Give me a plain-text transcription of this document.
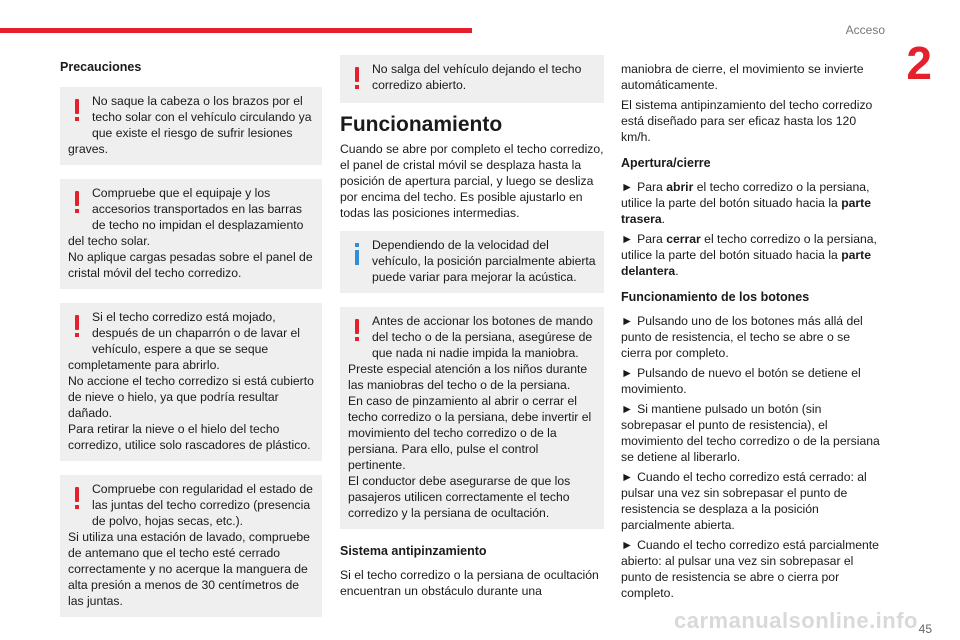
Acceso
2
Precauciones

No saque la cabeza o los brazos por el techo solar con el vehículo circulando ya

que existe el riesgo de sufrir lesiones graves.

Compruebe que el equipaje y los accesorios transportados en las barras

de techo no impidan el desplazamiento del techo solar.

No aplique cargas pesadas sobre el panel de cristal móvil del techo corredizo.

Si el techo corredizo está mojado, después de un chaparrón o de lavar el

vehículo, espere a que se seque completamente para abrirlo.

No accione el techo corredizo si está cubierto de nieve o hielo, ya que podría resultar dañado.

Para retirar la nieve o el hielo del techo corredizo, utilice solo rascadores de plástico.

Compruebe con regularidad el estado de las juntas del techo corredizo (presencia

de polvo, hojas secas, etc.).

Si utiliza una estación de lavado, compruebe de antemano que el techo esté cerrado correctamente y no acerque la manguera de alta presión a menos de 30 centímetros de las juntas.

No salga del vehículo dejando el techo corredizo abierto.

Funcionamiento

Cuando se abre por completo el techo corredizo, el panel de cristal móvil se desplaza hasta la posición de apertura parcial, y luego se desliza por encima del techo. Es posible ajustarlo en todas las posiciones intermedias.

Dependiendo de la velocidad del vehículo, la posición parcialmente abierta

puede variar para mejorar la acústica.

Antes de accionar los botones de mando del techo o de la persiana, asegúrese de

que nada ni nadie impida la maniobra.

Preste especial atención a los niños durante las maniobras del techo o de la persiana.

En caso de pinzamiento al abrir o cerrar el techo corredizo o la persiana, debe invertir el movimiento del techo corredizo o de la persiana. Para ello, pulse el control pertinente.

El conductor debe asegurarse de que los pasajeros utilicen correctamente el techo corredizo y la persiana de ocultación.

Sistema antipinzamiento

Si el techo corredizo o la persiana de ocultación encuentran un obstáculo durante una

maniobra de cierre, el movimiento se invierte automáticamente.

El sistema antipinzamiento del techo corredizo está diseñado para ser eficaz hasta los 120 km/h.

Apertura/cierre

► Para abrir el techo corredizo o la persiana, utilice la parte del botón situado hacia la parte trasera.

► Para cerrar el techo corredizo o la persiana, utilice la parte del botón situado hacia la parte delantera.

Funcionamiento de los botones

► Pulsando uno de los botones más allá del punto de resistencia, el techo se abre o se cierra por completo.

► Pulsando de nuevo el botón se detiene el movimiento.

► Si mantiene pulsado un botón (sin sobrepasar el punto de resistencia), el movimiento del techo corredizo o de la persiana se detiene al liberarlo.

► Cuando el techo corredizo está cerrado: al pulsar una vez sin sobrepasar el punto de resistencia se desplaza a la posición parcialmente abierta.

► Cuando el techo corredizo está parcialmente abierto: al pulsar una vez sin sobrepasar el punto de resistencia se abre o cierra por completo.

carmanualsonline.info 45
